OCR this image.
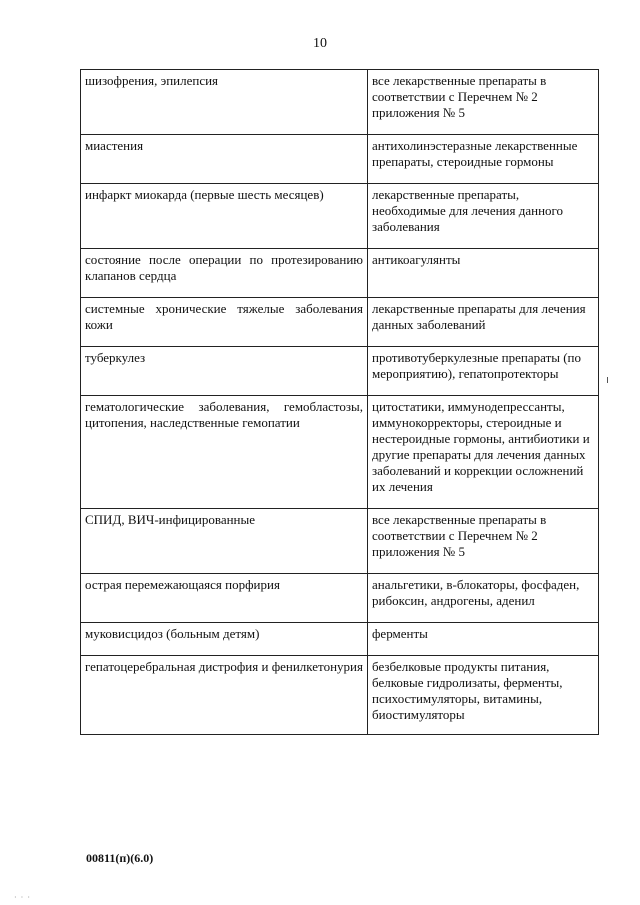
10
шизофрения, эпилепсия	все лекарственные препараты в соответствии с Перечнем № 2 приложения № 5
миастения	антихолинэстеразные лекарственные препараты, стероидные гормоны
инфаркт миокарда (первые шесть месяцев)	лекарственные препараты, необходимые для лечения данного заболевания
состояние после операции по протезированию клапанов сердца	антикоагулянты
системные хронические тяжелые заболевания кожи	лекарственные препараты для лечения данных заболеваний
туберкулез	противотуберкулезные препараты (по мероприятию), гепатопротекторы
гематологические заболевания, гемобластозы, цитопения, наследственные гемопатии	цитостатики, иммунодепрессанты, иммунокорректоры, стероидные и нестероидные гормоны, антибиотики и другие препараты для лечения данных заболеваний и коррекции осложнений их лечения
СПИД, ВИЧ-инфицированные	все лекарственные препараты в соответствии с Перечнем № 2 приложения № 5
острая перемежающаяся порфирия	анальгетики, в-блокаторы, фосфаден, рибоксин, андрогены, аденил
муковисцидоз (больным детям)	ферменты
гепатоцеребральная дистрофия и фенилкетонурия	безбелковые продукты питания, белковые гидролизаты, ферменты, психостимуляторы, витамины, биостимуляторы
00811(п)(6.0)
· · ·
